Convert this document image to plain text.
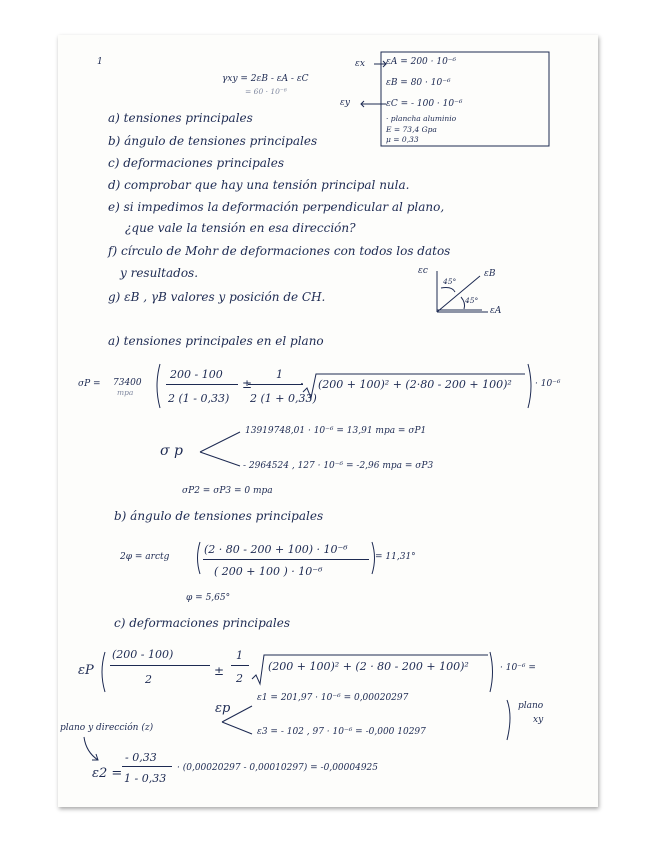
1
γxy = 2εB - εA - εC
= 60 · 10⁻⁶
εx
εy
εA = 200 · 10⁻⁶
εB = 80 · 10⁻⁶
εC = - 100 · 10⁻⁶
· plancha aluminio
E = 73,4 Gpa
μ = 0,33
a) tensiones principales
b) ángulo de tensiones principales
c) deformaciones principales
d) comprobar que hay una tensión principal nula.
e) si impedimos la deformación perpendicular al plano,
¿que vale la tensión en esa dirección?
f) círculo de Mohr de deformaciones con todos los datos
y resultados.
g) εB , γB valores y posición de CH.
εc	εB
εA
45°
45°
a) tensiones principales en el plano
σP = 73400
mpa
200 - 100
2 (1 - 0,33)
±
1
2 (1 + 0,33)
· (200 + 100)² + (2·80 - 200 + 100)²	· 10⁻⁶
σ p
13919748,01 · 10⁻⁶ = 13,91 mpa = σP1
- 2964524 , 127 · 10⁻⁶ = -2,96 mpa = σP3
σP2 = σP3 = 0 mpa
b) ángulo de tensiones principales
2φ = arctg
(2 · 80 - 200 + 100) · 10⁻⁶
( 200 + 100 ) · 10⁻⁶
= 11,31°
φ = 5,65°
c) deformaciones principales
εP
(200 - 100)
2
±
1
2
(200 + 100)² + (2 · 80 - 200 + 100)²	· 10⁻⁶ =
εp
ε1 = 201,97 · 10⁻⁶ = 0,00020297
ε3 = - 102 , 97 · 10⁻⁶ = -0,000 10297
plano
xy
plano y dirección (z)
ε2 =
- 0,33
1 - 0,33
· (0,00020297 - 0,00010297) = -0,00004925
